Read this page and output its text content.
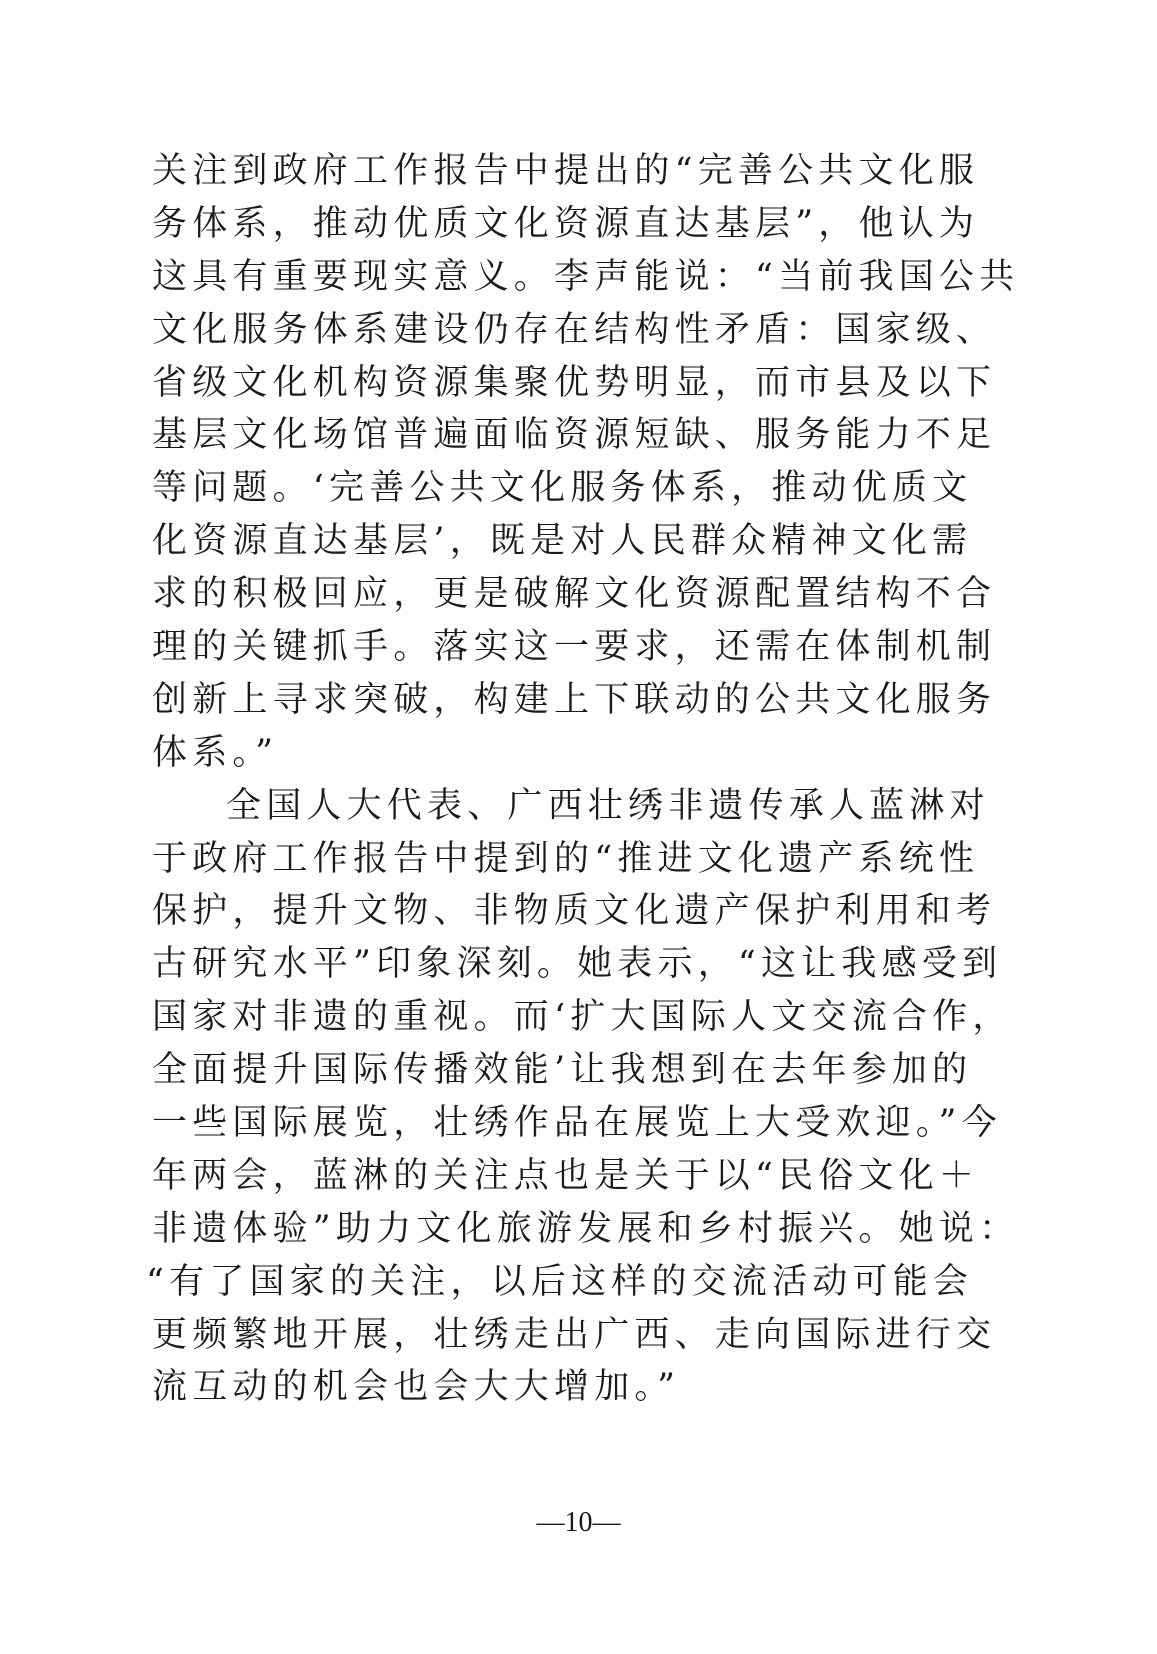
关注到政府工作报告中提出的“完善公共文化服
务体系，推动优质文化资源直达基层”，他认为
这具有重要现实意义。李声能说：“当前我国公共
文化服务体系建设仍存在结构性矛盾：国家级、
省级文化机构资源集聚优势明显，而市县及以下
基层文化场馆普遍面临资源短缺、服务能力不足
等问题。‘完善公共文化服务体系，推动优质文
化资源直达基层’，既是对人民群众精神文化需
求的积极回应，更是破解文化资源配置结构不合
理的关键抓手。落实这一要求，还需在体制机制
创新上寻求突破，构建上下联动的公共文化服务
体系。”
全国人大代表、广西壮绣非遗传承人蓝淋对
于政府工作报告中提到的“推进文化遗产系统性
保护，提升文物、非物质文化遗产保护利用和考
古研究水平”印象深刻。她表示，“这让我感受到
国家对非遗的重视。而‘扩大国际人文交流合作，
全面提升国际传播效能’让我想到在去年参加的
一些国际展览，壮绣作品在展览上大受欢迎。”今
年两会，蓝淋的关注点也是关于以“民俗文化＋
非遗体验”助力文化旅游发展和乡村振兴。她说：
“有了国家的关注，以后这样的交流活动可能会
更频繁地开展，壮绣走出广西、走向国际进行交
流互动的机会也会大大增加。”
—10—
